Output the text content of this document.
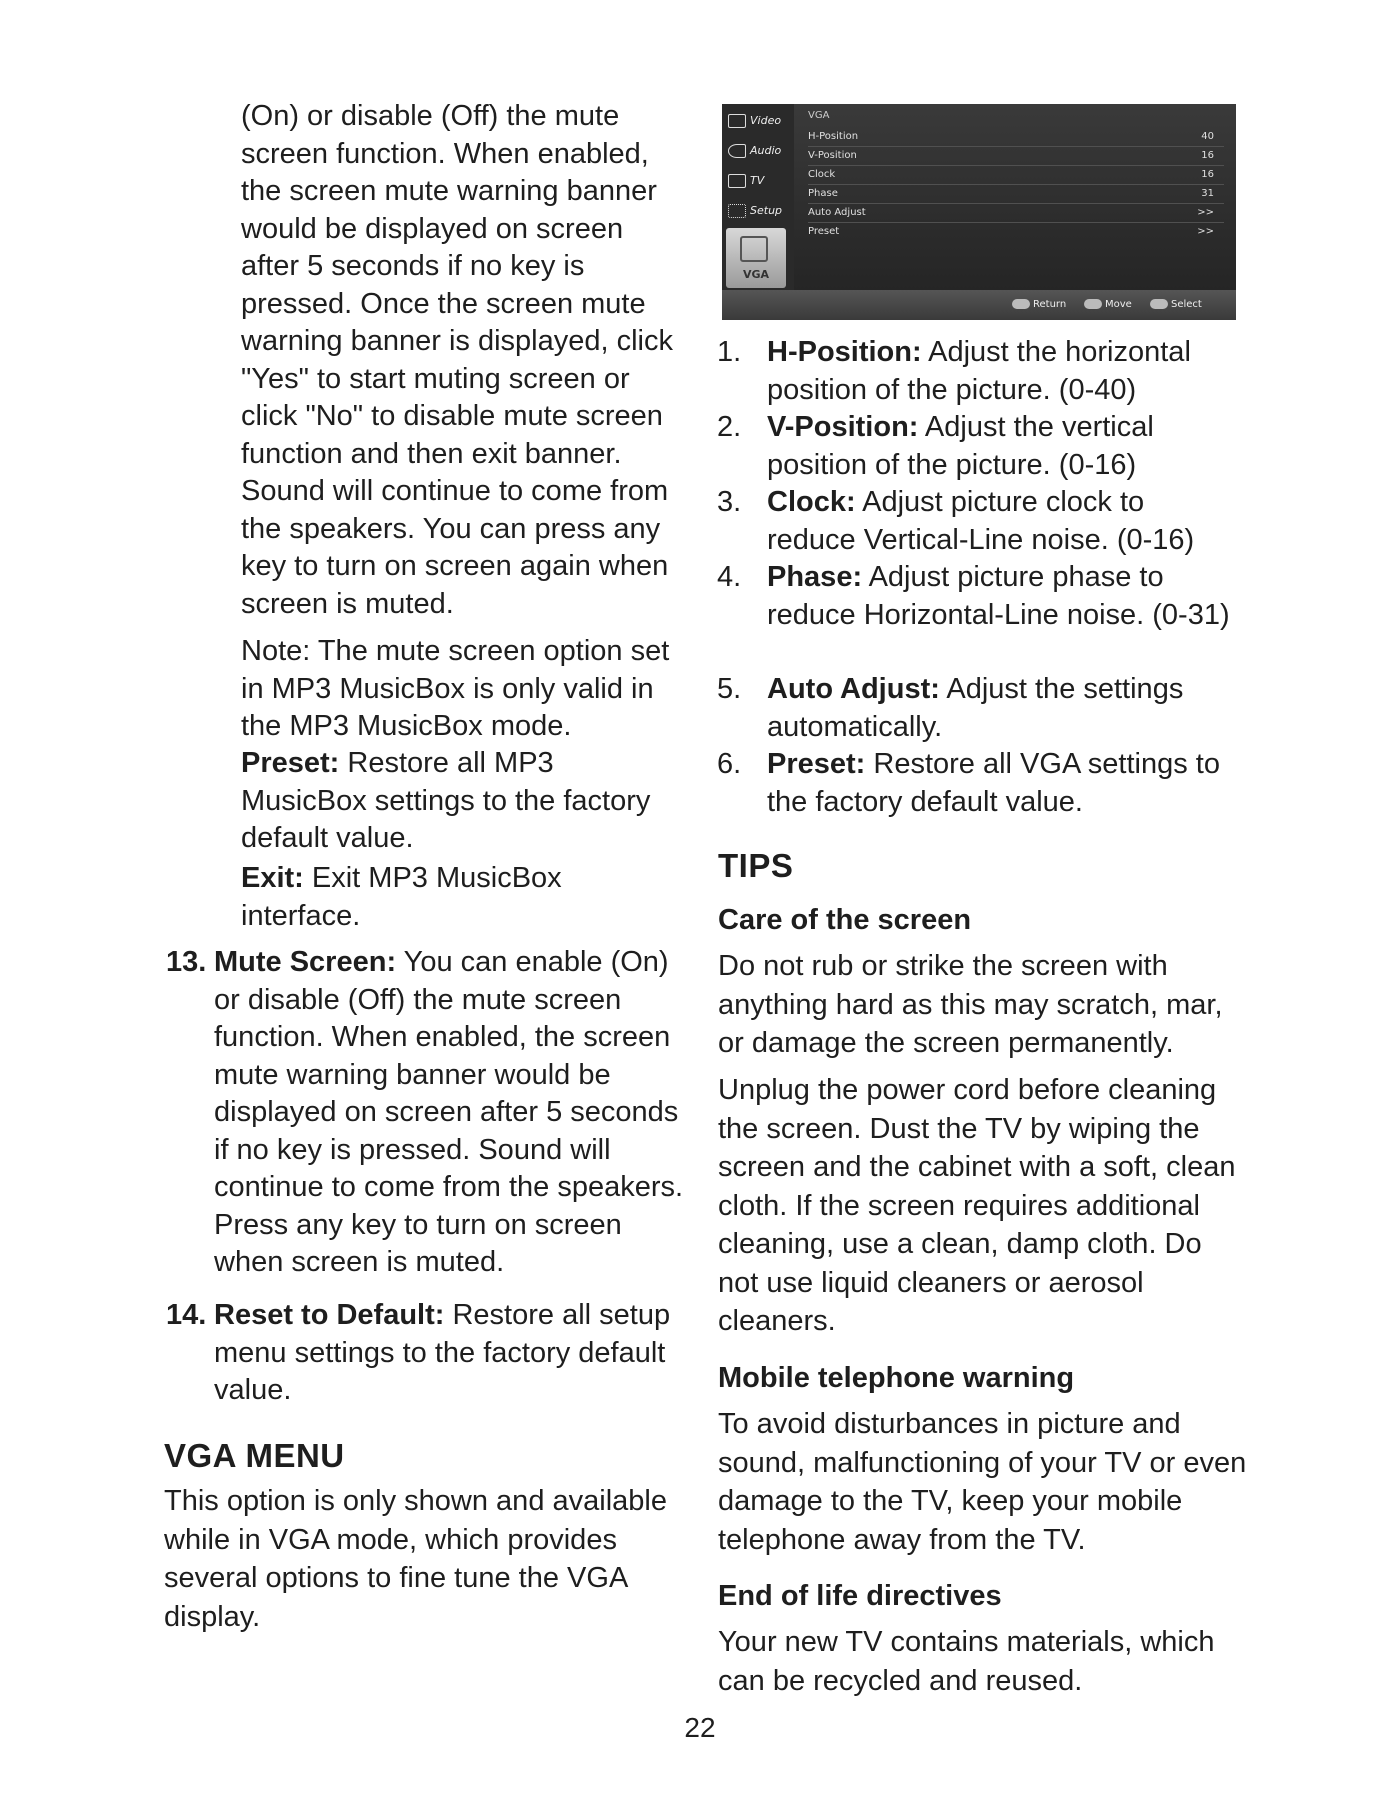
(On) or disable (Off) the mute screen function. When enabled, the screen mute warning banner would be displayed on screen after 5 seconds if no key is pressed. Once the screen mute warning banner is displayed, click "Yes" to start muting screen or click "No" to disable mute screen function and then exit banner. Sound will continue to come from the speakers. You can press any key to turn on screen again when screen is muted.

Note: The mute screen option set in MP3 MusicBox is only valid in the MP3 MusicBox mode.

Preset: Restore all MP3 MusicBox settings to the factory default value.

Exit: Exit MP3 MusicBox interface.

13. Mute Screen: You can enable (On) or disable (Off) the mute screen function. When enabled, the screen mute warning banner would be displayed on screen after 5 seconds if no key is pressed. Sound will continue to come from the speakers. Press any key to turn on screen when screen is muted.

14. Reset to Default: Restore all setup menu settings to the factory default value.

VGA MENU

This option is only shown and available while in VGA mode, which provides several options to fine tune the VGA display.

Video
Audio
TV
Setup
VGA
VGA
H-Position	40
V-Position	16
Clock	16
Phase	31
Auto Adjust	>>
Preset	>>
Return	Move	Select
1. H-Position: Adjust the horizontal position of the picture. (0-40)

2. V-Position: Adjust the vertical position of the picture. (0-16)

3. Clock: Adjust picture clock to reduce Vertical-Line noise. (0-16)

4. Phase: Adjust picture phase to reduce Horizontal-Line noise. (0-31)

5. Auto Adjust: Adjust the settings automatically.

6. Preset: Restore all VGA settings to the factory default value.

TIPS
Care of the screen

Do not rub or strike the screen with anything hard as this may scratch, mar, or damage the screen permanently.

Unplug the power cord before cleaning the screen. Dust the TV by wiping the screen and the cabinet with a soft, clean cloth. If the screen requires additional cleaning, use a clean, damp cloth. Do not use liquid cleaners or aerosol cleaners.

Mobile telephone warning

To avoid disturbances in picture and sound, malfunctioning of your TV or even damage to the TV, keep your mobile telephone away from the TV.

End of life directives

Your new TV contains materials, which can be recycled and reused.

22
